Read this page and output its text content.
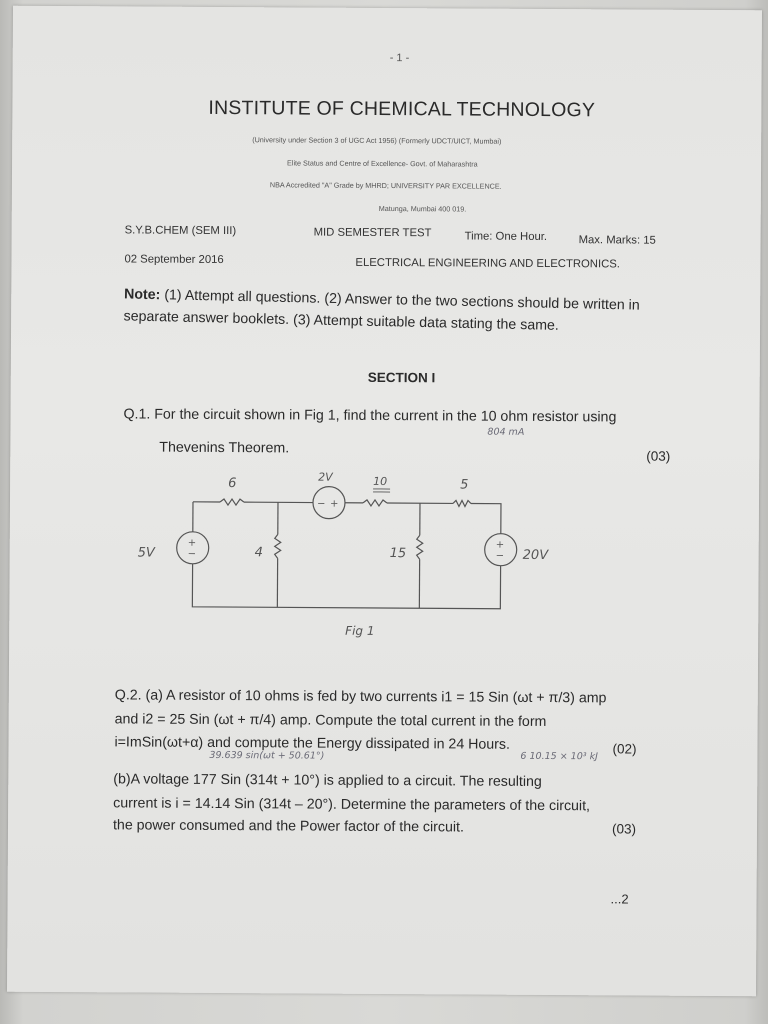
- 1 -
INSTITUTE OF CHEMICAL TECHNOLOGY
(University under Section 3 of UGC Act 1956) (Formerly UDCT/UICT, Mumbai)
Elite Status and Centre of Excellence- Govt. of Maharashtra
NBA Accredited "A" Grade by MHRD; UNIVERSITY PAR EXCELLENCE.
Matunga, Mumbai 400 019.
S.Y.B.CHEM (SEM III)	MID SEMESTER TEST	Time: One Hour.	Max. Marks: 15
02 September 2016	ELECTRICAL ENGINEERING AND ELECTRONICS.
Note: (1) Attempt all questions. (2) Answer to the two sections should be written in separate answer booklets. (3) Attempt suitable data stating the same.
SECTION I
Q.1. For the circuit shown in Fig 1, find the current in the 10 ohm resistor using
804 mA
Thevenins Theorem.	(03)
+
−
− +
+
−
6	2V	10	5
5V	4	15	20V
Fig 1
Q.2. (a) A resistor of 10 ohms is fed by two currents i1 = 15 Sin (ωt + π/3) amp
and i2 = 25 Sin (ωt + π/4) amp. Compute the total current in the form
i=ImSin(ωt+α) and compute the Energy dissipated in 24 Hours.	(02)
39.639 sin(ωt + 50.61°)	6 10.15 × 10³ kJ
(b)A voltage 177 Sin (314t + 10°) is applied to a circuit. The resulting
current is i = 14.14 Sin (314t – 20°). Determine the parameters of the circuit,
the power consumed and the Power factor of the circuit.	(03)
...2
